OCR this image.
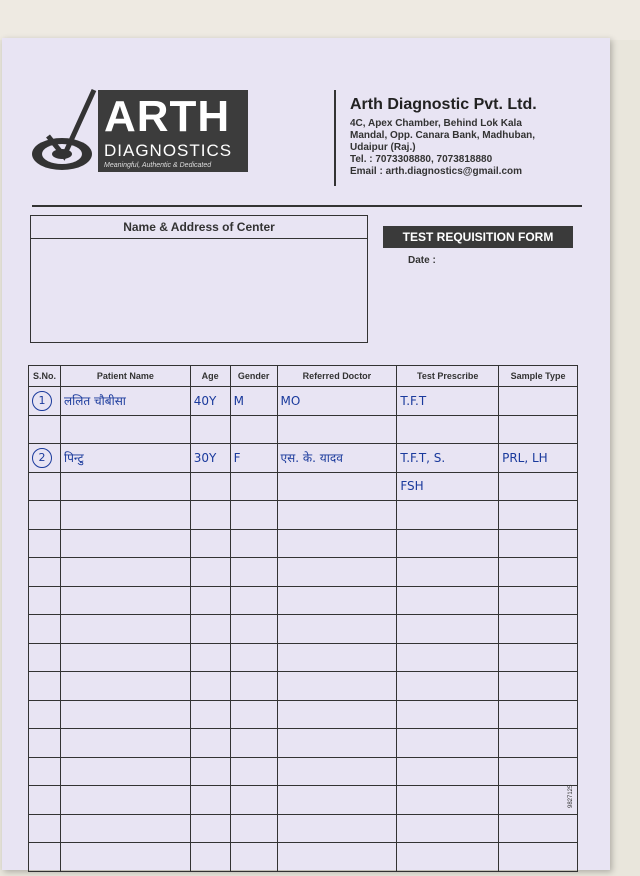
ARTH
DIAGNOSTICS
Meaningful, Authentic & Dedicated
Arth Diagnostic Pvt. Ltd.
4C, Apex Chamber, Behind Lok Kala
Mandal, Opp. Canara Bank, Madhuban,
Udaipur (Raj.)
Tel. : 7073308880, 7073818880
Email : arth.diagnostics@gmail.com
Name & Address of Center
TEST REQUISITION FORM
Date :
S.No.	Patient Name	Age	Gender	Referred Doctor	Test Prescribe	Sample Type
1	ललित चौबीसा	40Y	M	MO	T.F.T	

2	पिन्टु	30Y	F	एस. के. यादव	T.F.T, S.	PRL, LH
					FSH	

9827125
